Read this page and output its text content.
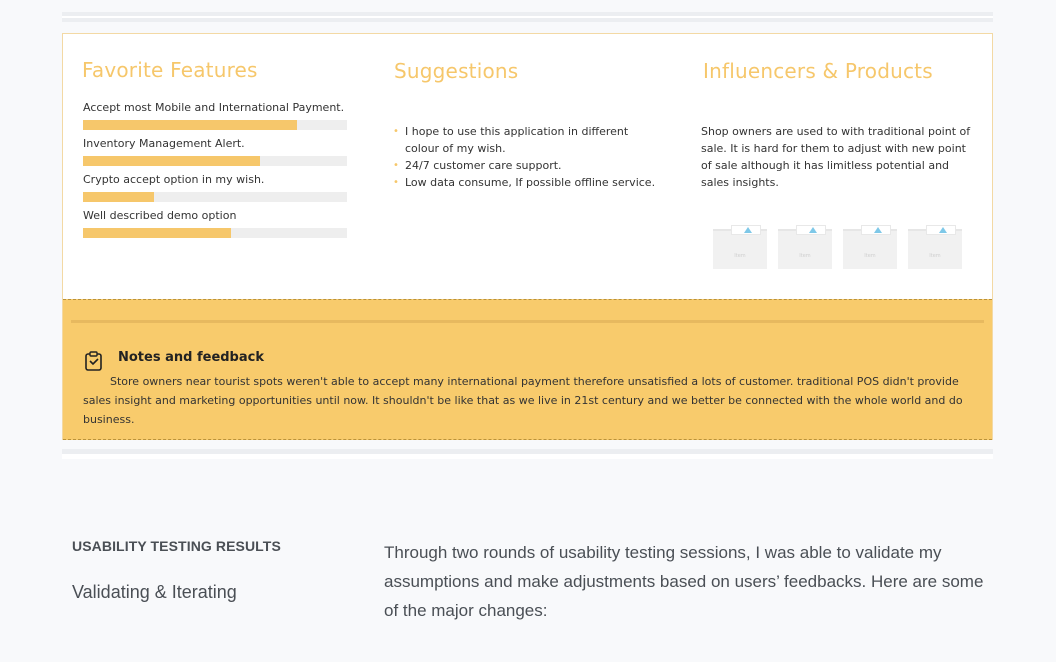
Favorite Features
Accept most Mobile and International Payment.
Inventory Management Alert.
Crypto accept option in my wish.
Well described demo option
Suggestions
• I hope to use this application in different colour of my wish.
• 24/7 customer care support.
• Low data consume, If possible offline service.
Influencers & Products
Shop owners are used to with traditional point of sale. It is hard for them to adjust with new point of sale although it has limitless potential and sales insights.
Item	Item	Item	Item
Notes and feedback
Store owners near tourist spots weren't able to accept many international payment therefore unsatisfied a lots of customer. traditional POS didn't provide sales insight and marketing opportunities until now. It shouldn't be like that as we live in 21st century and we better be connected with the whole world and do business.
USABILITY TESTING RESULTS
Validating & Iterating
Through two rounds of usability testing sessions, I was able to validate my assumptions and make adjustments based on users’ feedbacks. Here are some of the major changes:
